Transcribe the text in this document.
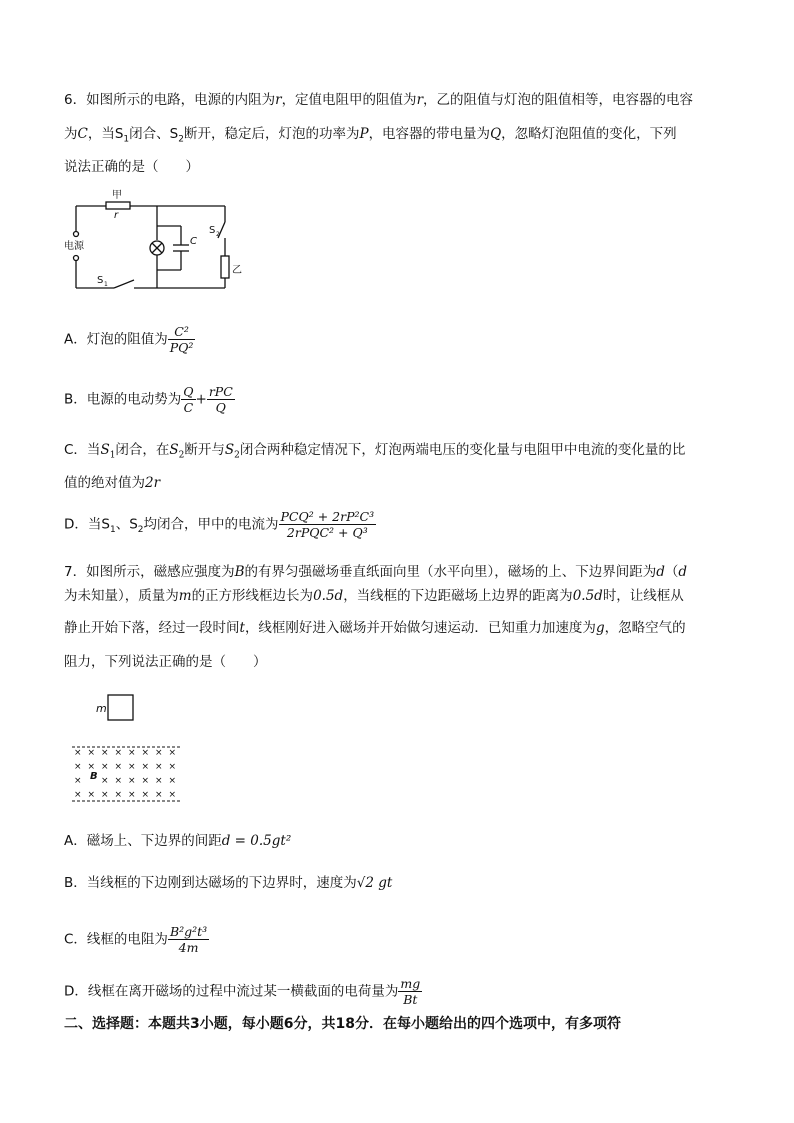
6．如图所示的电路，电源的内阻为r，定值电阻甲的阻值为r，乙的阻值与灯泡的阻值相等，电容器的电容
为C，当$S_1$闭合、$S_2$断开，稳定后，灯泡的功率为P，电容器的带电量为Q，忽略灯泡阻值的变化，下列
说法正确的是（　　）
甲
r
电源	C
S 2
S 1
乙
A．灯泡的阻值为 $\frac{\text{C²}}{\text{PQ²}}$
B．电源的电动势为 $\frac{Q}{C} + \frac{\text{rPC}}{Q}$
C．当$S_1$闭合，在$S_2$断开与$S_2$闭合两种稳定情况下，灯泡两端电压的变化量与电阻甲中电流的变化量的比
值的绝对值为2r
D．当$S_1$、$S_2$均闭合，甲中的电流为 $\frac{\text{PCQ² + 2rP²C³}}{\text{2rPQC² + Q³}}$
7．如图所示，磁感应强度为B的有界匀强磁场垂直纸面向里（水平向里），磁场的上、下边界间距为d（d
为未知量），质量为m的正方形线框边长为0.5d，当线框的下边距磁场上边界的距离为0.5d时，让线框从
静止开始下落，经过一段时间t，线框刚好进入磁场并开始做匀速运动．已知重力加速度为g，忽略空气的
阻力，下列说法正确的是（　　）
m
× × × × × × × ×
× × × × × × × ×
× × × × × × ×
× × × × × × × ×
B
A．磁场上、下边界的间距d = 0.5gt²
B．当线框的下边刚到达磁场的下边界时，速度为√2 gt
C．线框的电阻为 $\frac{\text{B²g²t³}}{4m}$
D．线框在离开磁场的过程中流过某一横截面的电荷量为 $\frac{mg}{Bt}$
二、选择题：本题共3小题，每小题6分，共18分．在每小题给出的四个选项中，有多项符
